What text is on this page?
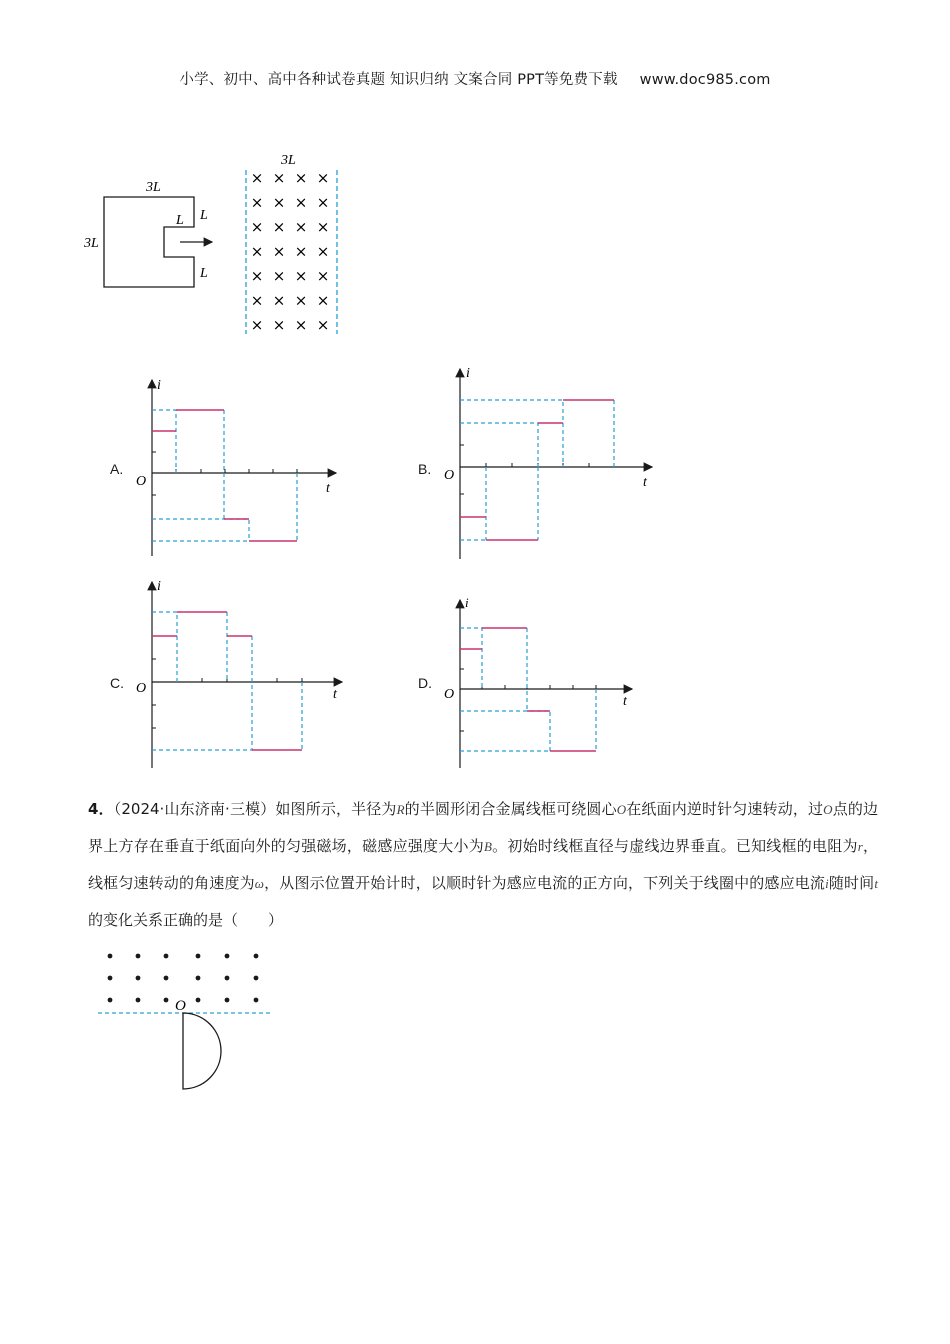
小学、初中、高中各种试卷真题 知识归纳 文案合同 PPT等免费下载 www.doc985.com
3L
3L
L L
L
3L
× × × ×
× × × ×
× × × ×
× × × ×
× × × ×
× × × ×
× × × ×
i
t
O
i
t
O
i
t
O
i
t
O
O
A.	B.
C.	D.
4．（2024·山东济南·三模）如图所示，半径为R的半圆形闭合金属线框可绕圆心O在纸面内逆时针匀速转动，过O点的边界上方存在垂直于纸面向外的匀强磁场，磁感应强度大小为B。初始时线框直径与虚线边界垂直。已知线框的电阻为r，线框匀速转动的角速度为ω，从图示位置开始计时，以顺时针为感应电流的正方向，下列关于线圈中的感应电流i随时间t的变化关系正确的是（　　）
